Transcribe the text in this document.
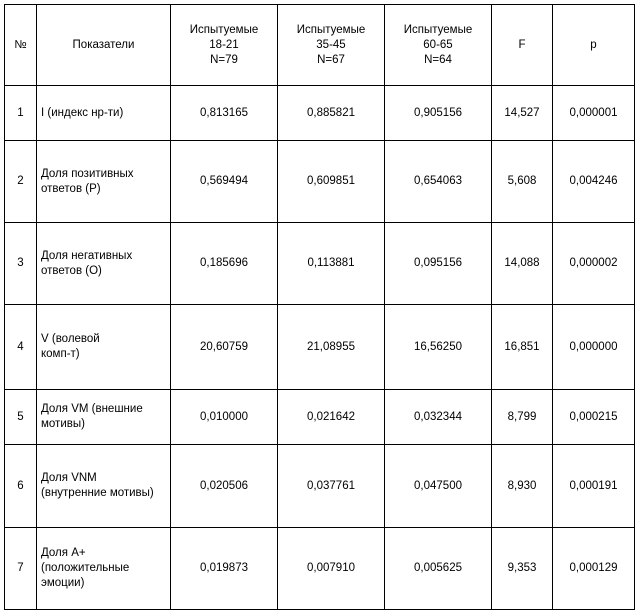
№	Показатели	Испытуемые
18-21
N=79	Испытуемые
35-45
N=67	Испытуемые
60-65
N=64	F	p
1	I (индекс нр-ти)	0,813165	0,885821	0,905156	14,527	0,000001
2	Доля позитивных
ответов (Р)	0,569494	0,609851	0,654063	5,608	0,004246
3	Доля негативных
ответов (О)	0,185696	0,113881	0,095156	14,088	0,000002
4	V (волевой
комп-т)	20,60759	21,08955	16,56250	16,851	0,000000
5	Доля VM (внешние
мотивы)	0,010000	0,021642	0,032344	8,799	0,000215
6	Доля VNM
(внутренние мотивы)	0,020506	0,037761	0,047500	8,930	0,000191
7	Доля А+
(положительные
эмоции)	0,019873	0,007910	0,005625	9,353	0,000129
